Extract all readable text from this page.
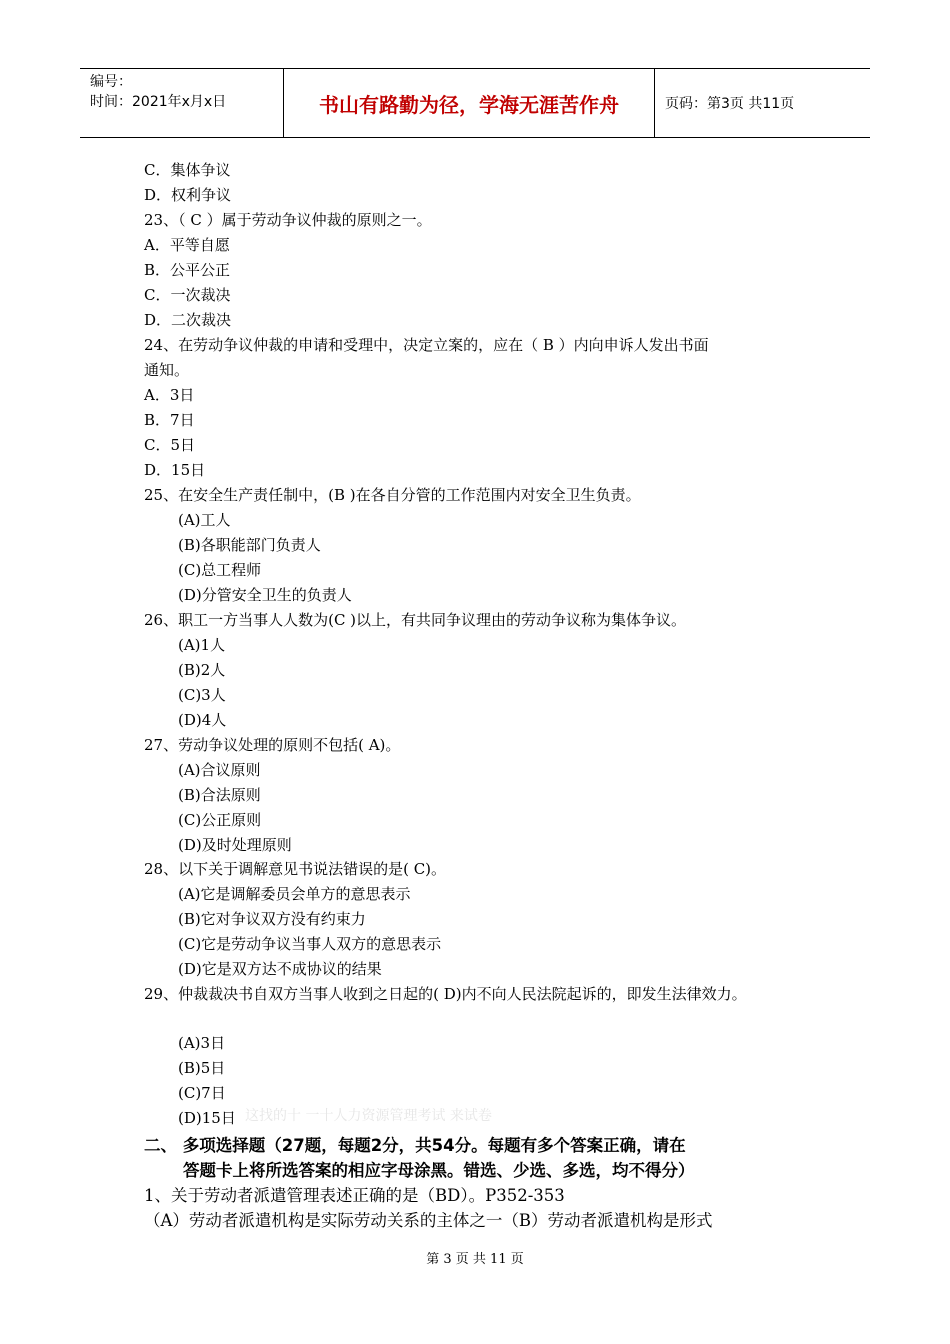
编号：
时间：2021年x月x日	书山有路勤为径，学海无涯苦作舟	页码：第3页 共11页
C．集体争议
D．权利争议
23、（ C ）属于劳动争议仲裁的原则之一。
A．平等自愿
B．公平公正
C．一次裁决
D．二次裁决
24、在劳动争议仲裁的申请和受理中，决定立案的，应在（ B ）内向申诉人发出书面
通知。
A．3日
B．7日
C．5日
D．15日
25、在安全生产责任制中，(B )在各自分管的工作范围内对安全卫生负责。
(A)工人
(B)各职能部门负责人
(C)总工程师
(D)分管安全卫生的负责人
26、职工一方当事人人数为(C )以上，有共同争议理由的劳动争议称为集体争议。
(A)1人
(B)2人
(C)3人
(D)4人
27、劳动争议处理的原则不包括( A)。
(A)合议原则
(B)合法原则
(C)公正原则
(D)及时处理原则
28、以下关于调解意见书说法错误的是( C)。
(A)它是调解委员会单方的意思表示
(B)它对争议双方没有约束力
(C)它是劳动争议当事人双方的意思表示
(D)它是双方达不成协议的结果
29、仲裁裁决书自双方当事人收到之日起的( D)内不向人民法院起诉的，即发生法律效力。
(A)3日
(B)5日
(C)7日
(D)15日 这找的十 一十人力资源管理考试 来试卷
二、 多项选择题（27题，每题2分，共54分。每题有多个答案正确，请在
答题卡上将所选答案的相应字母涂黑。错选、少选、多选，均不得分）
1、关于劳动者派遣管理表述正确的是（BD）。P352-353
（A）劳动者派遣机构是实际劳动关系的主体之一（B）劳动者派遣机构是形式
第 3 页 共 11 页
